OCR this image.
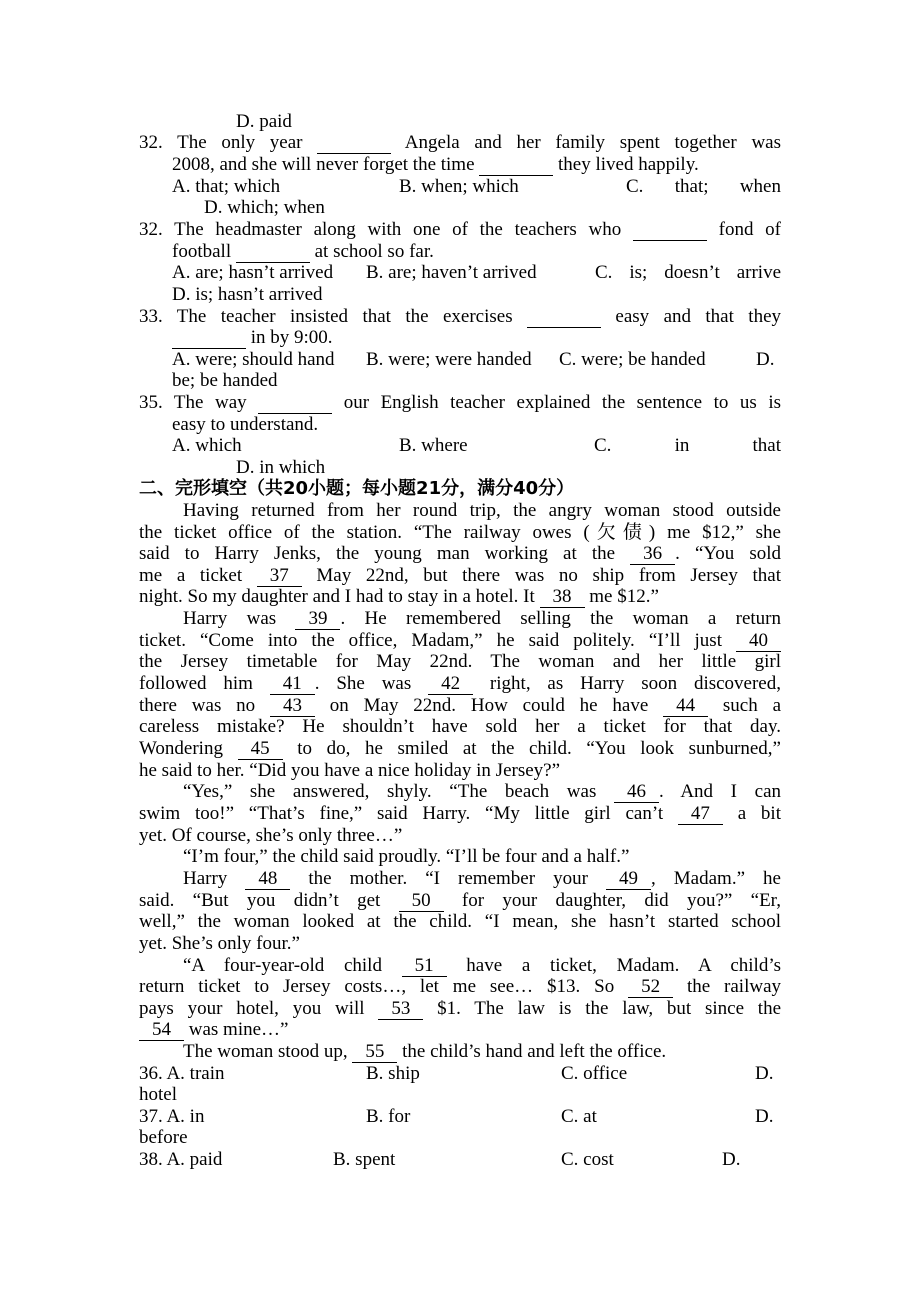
D. paid
32. The only year	Angela and her family spent together was
2008, and she will never forget the time	they lived happily.
A. that; which	B. when; which	C. that; when
D. which; when
32. The headmaster along with one of the teachers who	fond of
football	at school so far.
A. are; hasn’t arrived B. are; haven’t arrived	C. is; doesn’t arrive
D. is; hasn’t arrived
33. The teacher insisted that the exercises	easy and that they
in by 9:00.
A. were; should hand B. were; were handed C. were; be handed	D.
be; be handed
35. The way	our English teacher explained the sentence to us is
easy to understand.
A. which	B. where	C. in that
D. in which
二、完形填空（共20小题；每小题21分，满分40分）
Having returned from her round trip, the angry woman stood outside
the ticket office of the station. “The railway owes (欠债) me $12,” she
said to Harry Jenks, the young man working at the 36 . “You sold
me a ticket 37 May 22nd, but there was no ship from Jersey that
night. So my daughter and I had to stay in a hotel. It 38 me $12.”
Harry was 39 . He remembered selling the woman a return
ticket. “Come into the office, Madam,” he said politely. “I’ll just 40
the Jersey timetable for May 22nd. The woman and her little girl
followed him 41 . She was 42 right, as Harry soon discovered,
there was no 43 on May 22nd. How could he have 44 such a
careless mistake? He shouldn’t have sold her a ticket for that day.
Wondering 45 to do, he smiled at the child. “You look sunburned,”
he said to her. “Did you have a nice holiday in Jersey?”
“Yes,” she answered, shyly. “The beach was 46 . And I can
swim too!” “That’s fine,” said Harry. “My little girl can’t 47 a bit
yet. Of course, she’s only three…”
“I’m four,” the child said proudly. “I’ll be four and a half.”
Harry 48 the mother. “I remember your 49 , Madam.” he
said. “But you didn’t get 50 for your daughter, did you?” “Er,
well,” the woman looked at the child. “I mean, she hasn’t started school
yet. She’s only four.”
“A four-year-old child 51 have a ticket, Madam. A child’s
return ticket to Jersey costs…, let me see… $13. So 52 the railway
pays your hotel, you will 53 $1. The law is the law, but since the
54 was mine…”
The woman stood up, 55 the child’s hand and left the office.
36. A. train	B. ship	C. office	D.
hotel
37. A. in	B. for	C. at	D.
before
38. A. paid	B. spent	C. cost	D.
